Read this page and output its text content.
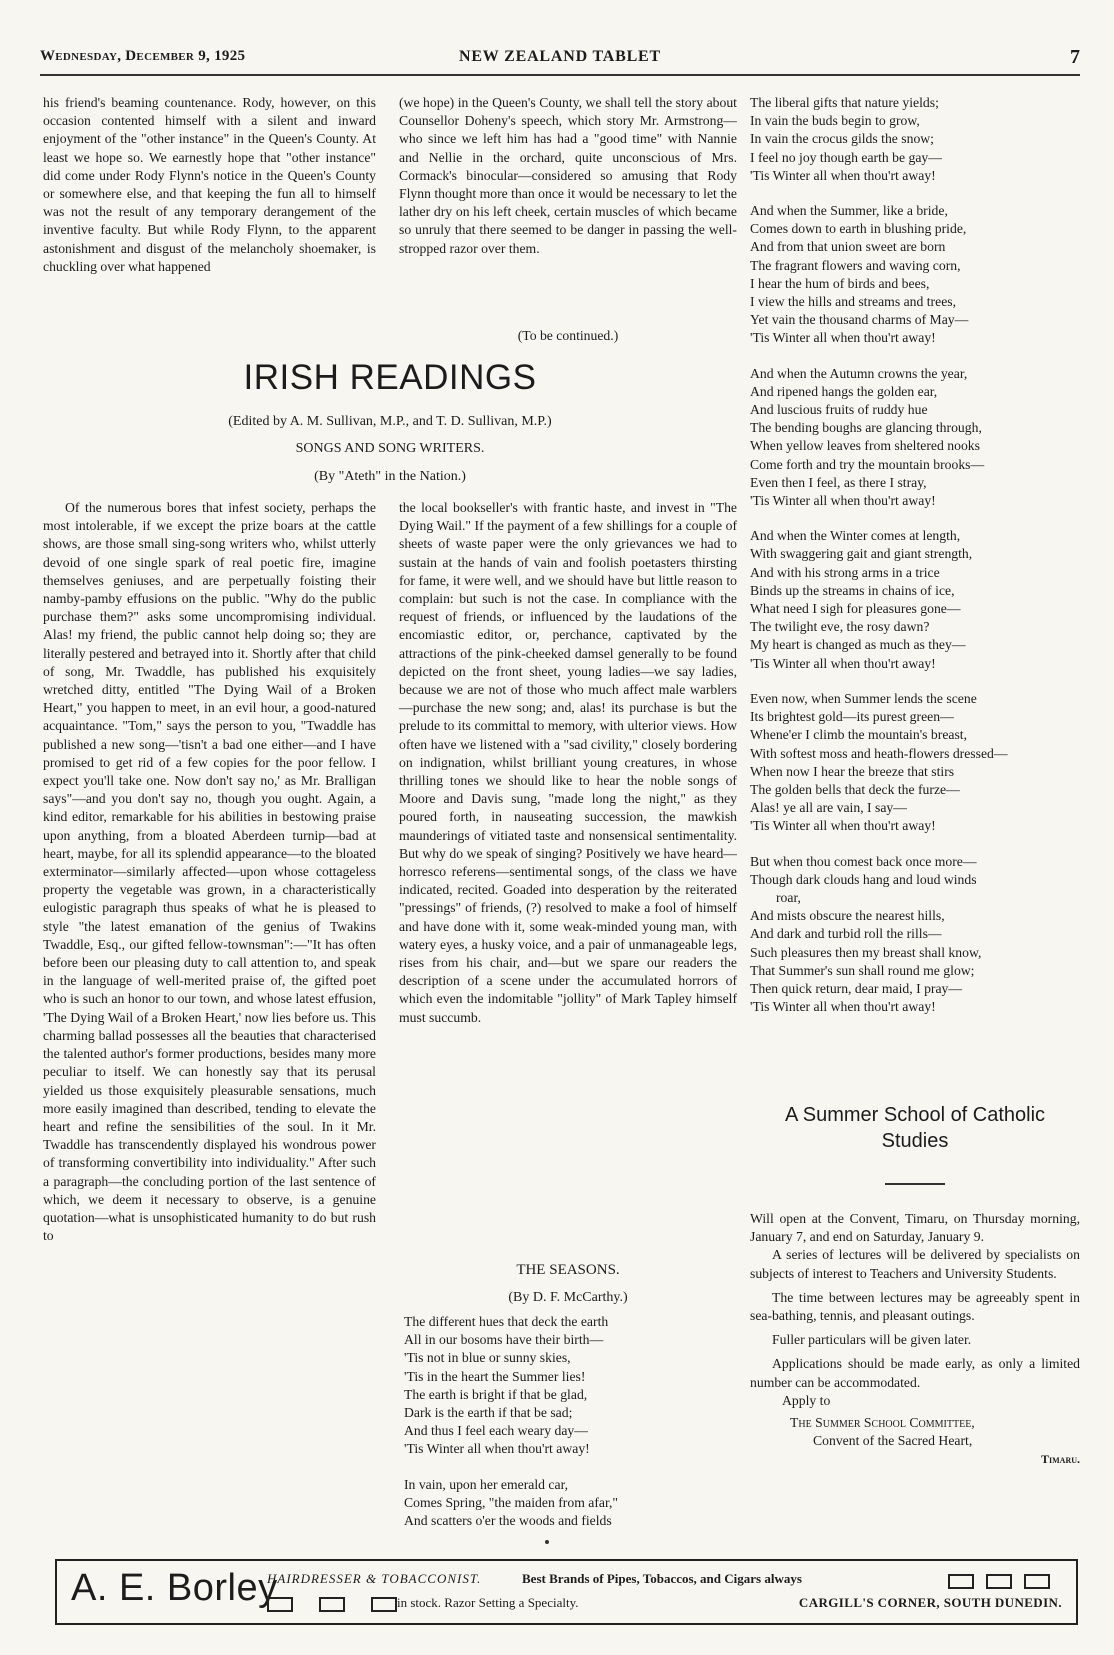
Wednesday, December 9, 1925	NEW ZEALAND TABLET	7

his friend's beaming countenance. Rody, however, on this occasion contented himself with a silent and inward enjoyment of the "other instance" in the Queen's County. At least we hope so. We earnestly hope that "other instance" did come under Rody Flynn's notice in the Queen's County or somewhere else, and that keeping the fun all to himself was not the result of any temporary derangement of the inventive faculty. But while Rody Flynn, to the apparent astonishment and disgust of the melancholy shoemaker, is chuckling over what happened

(we hope) in the Queen's County, we shall tell the story about Counsellor Doheny's speech, which story Mr. Armstrong—who since we left him has had a "good time" with Nannie and Nellie in the orchard, quite unconscious of Mrs. Cormack's binocular—considered so amusing that Rody Flynn thought more than once it would be necessary to let the lather dry on his left cheek, certain muscles of which became so unruly that there seemed to be danger in passing the well-stropped razor over them.

(To be continued.)
The liberal gifts that nature yields;
In vain the buds begin to grow,
In vain the crocus gilds the snow;
I feel no joy though earth be gay—
'Tis Winter all when thou'rt away!
And when the Summer, like a bride,
Comes down to earth in blushing pride,
And from that union sweet are born
The fragrant flowers and waving corn,
I hear the hum of birds and bees,
I view the hills and streams and trees,
Yet vain the thousand charms of May—
'Tis Winter all when thou'rt away!
And when the Autumn crowns the year,
And ripened hangs the golden ear,
And luscious fruits of ruddy hue
The bending boughs are glancing through,
When yellow leaves from sheltered nooks
Come forth and try the mountain brooks—
Even then I feel, as there I stray,
'Tis Winter all when thou'rt away!
And when the Winter comes at length,
With swaggering gait and giant strength,
And with his strong arms in a trice
Binds up the streams in chains of ice,
What need I sigh for pleasures gone—
The twilight eve, the rosy dawn?
My heart is changed as much as they—
'Tis Winter all when thou'rt away!
Even now, when Summer lends the scene
Its brightest gold—its purest green—
Whene'er I climb the mountain's breast,
With softest moss and heath-flowers dressed—
When now I hear the breeze that stirs
The golden bells that deck the furze—
Alas! ye all are vain, I say—
'Tis Winter all when thou'rt away!
But when thou comest back once more—
Though dark clouds hang and loud winds
roar,
And mists obscure the nearest hills,
And dark and turbid roll the rills—
Such pleasures then my breast shall know,
That Summer's sun shall round me glow;
Then quick return, dear maid, I pray—
'Tis Winter all when thou'rt away!
IRISH READINGS
(Edited by A. M. Sullivan, M.P., and T. D. Sullivan, M.P.)
SONGS AND SONG WRITERS.
(By "Ateth" in the Nation.)

Of the numerous bores that infest society, perhaps the most intolerable, if we except the prize boars at the cattle shows, are those small sing-song writers who, whilst utterly devoid of one single spark of real poetic fire, imagine themselves geniuses, and are perpetually foisting their namby-pamby effusions on the public. "Why do the public purchase them?" asks some uncompromising individual. Alas! my friend, the public cannot help doing so; they are literally pestered and betrayed into it. Shortly after that child of song, Mr. Twaddle, has published his exquisitely wretched ditty, entitled "The Dying Wail of a Broken Heart," you happen to meet, in an evil hour, a good-natured acquaintance. "Tom," says the person to you, "Twaddle has published a new song—'tisn't a bad one either—and I have promised to get rid of a few copies for the poor fellow. I expect you'll take one. Now don't say no,' as Mr. Bralligan says"—and you don't say no, though you ought. Again, a kind editor, remarkable for his abilities in bestowing praise upon anything, from a bloated Aberdeen turnip—bad at heart, maybe, for all its splendid appearance—to the bloated exterminator—similarly affected—upon whose cottageless property the vegetable was grown, in a characteristically eulogistic paragraph thus speaks of what he is pleased to style "the latest emanation of the genius of Twakins Twaddle, Esq., our gifted fellow-townsman":—"It has often before been our pleasing duty to call attention to, and speak in the language of well-merited praise of, the gifted poet who is such an honor to our town, and whose latest effusion, 'The Dying Wail of a Broken Heart,' now lies before us. This charming ballad possesses all the beauties that characterised the talented author's former productions, besides many more peculiar to itself. We can honestly say that its perusal yielded us those exquisitely pleasurable sensations, much more easily imagined than described, tending to elevate the heart and refine the sensibilities of the soul. In it Mr. Twaddle has transcendently displayed his wondrous power of transforming convertibility into individuality." After such a paragraph—the concluding portion of the last sentence of which, we deem it necessary to observe, is a genuine quotation—what is unsophisticated humanity to do but rush to

the local bookseller's with frantic haste, and invest in "The Dying Wail." If the payment of a few shillings for a couple of sheets of waste paper were the only grievances we had to sustain at the hands of vain and foolish poetasters thirsting for fame, it were well, and we should have but little reason to complain: but such is not the case. In compliance with the request of friends, or influenced by the laudations of the encomiastic editor, or, perchance, captivated by the attractions of the pink-cheeked damsel generally to be found depicted on the front sheet, young ladies—we say ladies, because we are not of those who much affect male warblers—purchase the new song; and, alas! its purchase is but the prelude to its committal to memory, with ulterior views. How often have we listened with a "sad civility," closely bordering on indignation, whilst brilliant young creatures, in whose thrilling tones we should like to hear the noble songs of Moore and Davis sung, "made long the night," as they poured forth, in nauseating succession, the mawkish maunderings of vitiated taste and nonsensical sentimentality. But why do we speak of singing? Positively we have heard—horresco referens—sentimental songs, of the class we have indicated, recited. Goaded into desperation by the reiterated "pressings" of friends, (?) resolved to make a fool of himself and have done with it, some weak-minded young man, with watery eyes, a husky voice, and a pair of unmanageable legs, rises from his chair, and—but we spare our readers the description of a scene under the accumulated horrors of which even the indomitable "jollity" of Mark Tapley himself must succumb.

THE SEASONS.
(By D. F. McCarthy.)
The different hues that deck the earth
All in our bosoms have their birth—
'Tis not in blue or sunny skies,
'Tis in the heart the Summer lies!
The earth is bright if that be glad,
Dark is the earth if that be sad;
And thus I feel each weary day—
'Tis Winter all when thou'rt away!
In vain, upon her emerald car,
Comes Spring, "the maiden from afar,"
And scatters o'er the woods and fields
A Summer School of Catholic Studies

Will open at the Convent, Timaru, on Thursday morning, January 7, and end on Saturday, January 9.

A series of lectures will be delivered by specialists on subjects of interest to Teachers and University Students.

The time between lectures may be agreeably spent in sea-bathing, tennis, and pleasant outings.

Fuller particulars will be given later.

Applications should be made early, as only a limited number can be accommodated.

Apply to

The Summer School Committee,

Convent of the Sacred Heart,

Timaru.

A. E. Borley
HAIRDRESSER & TOBACCONIST.	Best Brands of Pipes, Tobaccos, and Cigars always
in stock. Razor Setting a Specialty.	CARGILL'S CORNER, SOUTH DUNEDIN.
